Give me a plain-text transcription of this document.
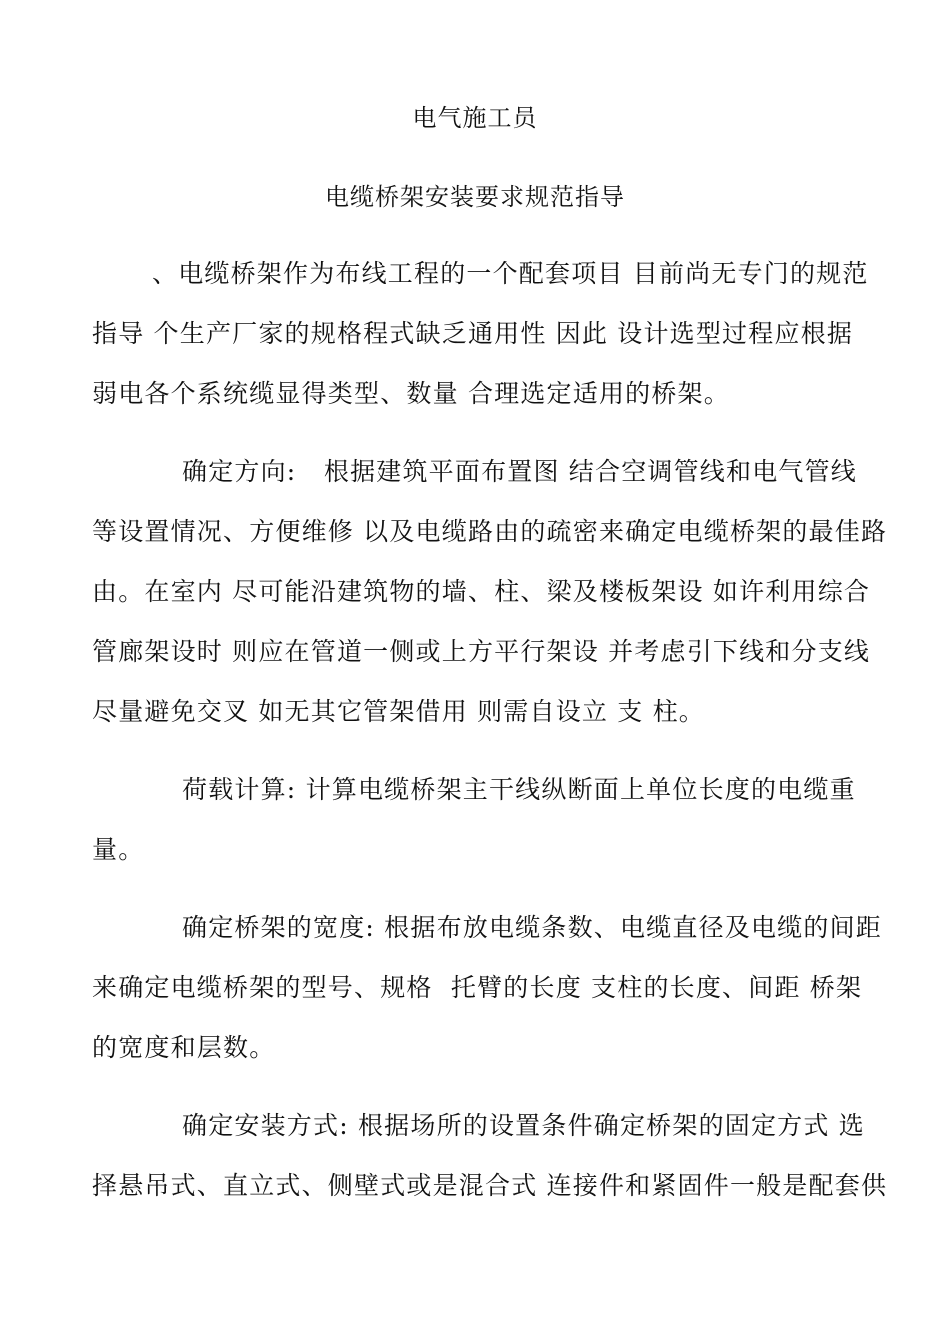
电气施工员
电缆桥架安装要求规范指导
、电缆桥架作为布线工程的一个配套项目 目前尚无专门的规范
指导 个生产厂家的规格程式缺乏通用性 因此 设计选型过程应根据
弱电各个系统缆显得类型、数量 合理选定适用的桥架。
确定方向:   根据建筑平面布置图 结合空调管线和电气管线
等设置情况、方便维修 以及电缆路由的疏密来确定电缆桥架的最佳路
由。在室内 尽可能沿建筑物的墙、柱、梁及楼板架设 如许利用综合
管廊架设时 则应在管道一侧或上方平行架设 并考虑引下线和分支线
尽量避免交叉 如无其它管架借用 则需自设立 支 柱。
荷载计算: 计算电缆桥架主干线纵断面上单位长度的电缆重
量。
确定桥架的宽度: 根据布放电缆条数、电缆直径及电缆的间距
来确定电缆桥架的型号、规格  托臂的长度 支柱的长度、间距 桥架
的宽度和层数。
确定安装方式: 根据场所的设置条件确定桥架的固定方式 选
择悬吊式、直立式、侧壁式或是混合式 连接件和紧固件一般是配套供
